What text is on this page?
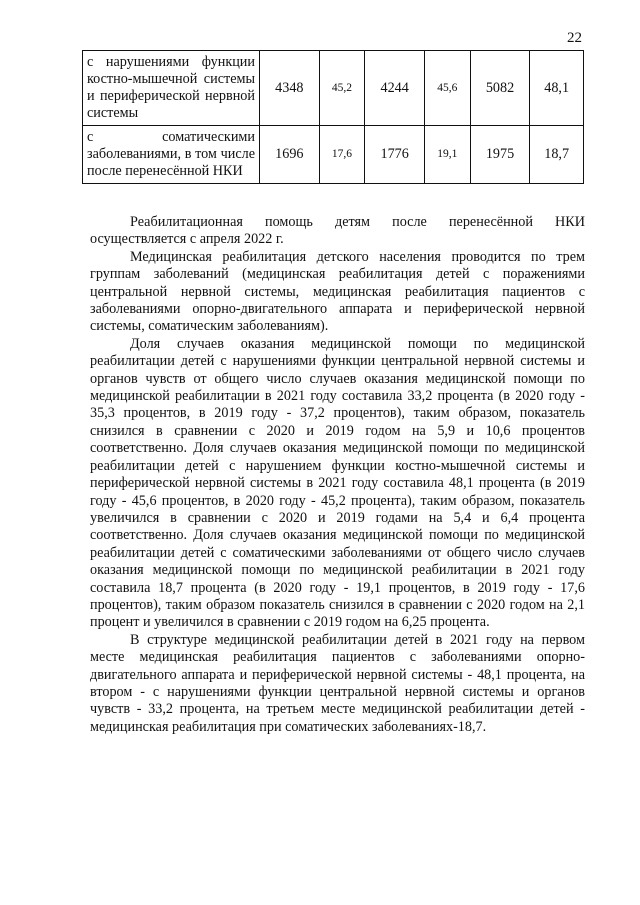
22
с нарушениями функции костно-мышечной системы и периферической нервной системы	4348	45,2	4244	45,6	5082	48,1
с соматическими заболеваниями, в том числе после перенесённой НКИ	1696	17,6	1776	19,1	1975	18,7

Реабилитационная помощь детям после перенесённой НКИ осуществляется с апреля 2022 г.

Медицинская реабилитация детского населения проводится по трем группам заболеваний (медицинская реабилитация детей с поражениями центральной нервной системы, медицинская реабилитация пациентов с заболеваниями опорно-двигательного аппарата и периферической нервной системы, соматическим заболеваниям).

Доля случаев оказания медицинской помощи по медицинской реабилитации детей с нарушениями функции центральной нервной системы и органов чувств от общего число случаев оказания медицинской помощи по медицинской реабилитации в 2021 году составила 33,2 процента (в 2020 году - 35,3 процентов, в 2019 году - 37,2 процентов), таким образом, показатель снизился в сравнении с 2020 и 2019 годом на 5,9 и 10,6 процентов соответственно. Доля случаев оказания медицинской помощи по медицинской реабилитации детей с нарушением функции костно-мышечной системы и периферической нервной системы в 2021 году составила 48,1 процента (в 2019 году - 45,6 процентов, в 2020 году - 45,2 процента), таким образом, показатель увеличился в сравнении с 2020 и 2019 годами на 5,4 и 6,4 процента соответственно. Доля случаев оказания медицинской помощи по медицинской реабилитации детей с соматическими заболеваниями от общего число случаев оказания медицинской помощи по медицинской реабилитации в 2021 году составила 18,7 процента (в 2020 году - 19,1 процентов, в 2019 году - 17,6 процентов), таким образом показатель снизился в сравнении с 2020 годом на 2,1 процент и увеличился в сравнении с 2019 годом на 6,25 процента.

В структуре медицинской реабилитации детей в 2021 году на первом месте медицинская реабилитация пациентов с заболеваниями опорно-двигательного аппарата и периферической нервной системы - 48,1 процента, на втором - с нарушениями функции центральной нервной системы и органов чувств - 33,2 процента, на третьем месте медицинской реабилитации детей - медицинская реабилитация при соматических заболеваниях-18,7.
